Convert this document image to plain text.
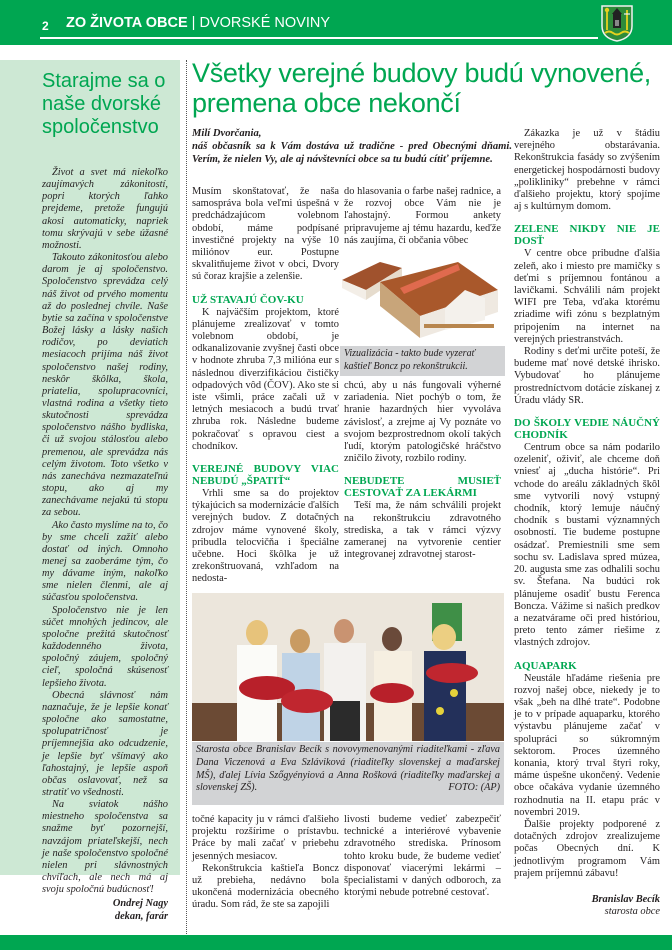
2 ZO ŽIVOTA OBCE | DVORSKÉ NOVINY
Starajme sa o naše dvorské spoločenstvo

Život a svet má niekoľko zaujímavých zákonitostí, popri ktorých ľahko prejdeme, pretože fungujú akosi automaticky, napriek tomu skrývajú v sebe úžasné možnosti.

Takouto zákonitosťou alebo darom je aj spoločenstvo. Spoločenstvo sprevádza celý náš život od prvého momentu až do poslednej chvíle. Naše bytie sa začína v spoločenstve Božej lásky a lásky našich rodičov, po deviatich mesiacoch prijíma náš život spoločenstvo našej rodiny, neskôr škôlka, škola, priatelia, spolupracovníci, vlastná rodina a všetky tieto skutočnosti sprevádza spoločenstvo nášho bydliska, či už svojou stálosťou alebo premenou, ale sprevádza nás celým životom. Toto všetko v nás zanecháva nezmazateľnú stopu, ako aj my zanechávame nejakú tú stopu za sebou.

Ako často myslíme na to, čo by sme chceli zažiť alebo dostať od iných. Omnoho menej sa zaoberáme tým, čo my dávame iným, nakoľko sme nielen členmi, ale aj súčasťou spoločenstva.

Spoločenstvo nie je len súčet mnohých jedincov, ale spoločne prežitá skutočnosť každodenného života, spoločný záujem, spoločný cieľ, spoločná skúsenosť lepšieho života.

Obecná slávnosť nám naznačuje, že je lepšie konať spoločne ako samostatne, spolupatričnosť je príjemnejšia ako odcudzenie, je lepšie byť všímavý ako ľahostajný, je lepšie aspoň občas oslavovať, než sa stratiť vo všednosti.

Na sviatok nášho miestneho spoločenstva sa snažme byť pozornejší, navzájom priateľskejší, nech je naše spoločenstvo spoločné nielen pri slávnostných chvíľach, ale nech má aj svoju spoločnú budúcnosť!

Ondrej Nagy
dekan, farár
Všetky verejné budovy budú vynovené, premena obce nekončí
Milí Dvorčania,
náš občasník sa k Vám dostáva už tradične - pred Obecnými dňami. Verím, že nielen Vy, ale aj návštevníci obce sa tu budú cítiť príjemne.

Musím skonštatovať, že naša samospráva bola veľmi úspešná v predchádzajúcom volebnom období, máme podpísané investičné projekty na výše 10 miliónov eur. Postupne skvalitňujeme život v obci, Dvory sú čoraz krajšie a zelenšie.

UŽ STAVAJÚ ČOV-KU

K najväčším projektom, ktoré plánujeme zrealizovať v tomto volebnom období, je odkanalizovanie zvyšnej časti obce v hodnote zhruba 7,3 milióna eur s následnou diverzifikáciou čističky odpadových vôd (ČOV). Ako ste si iste všimli, práce začali už v letných mesiacoch a budú trvať zhruba rok. Následne budeme pokračovať s opravou ciest a chodníkov.

VEREJNÉ BUDOVY VIAC NEBUDÚ „ŠPATIŤ“

Vrhli sme sa do projektov týkajúcich sa modernizácie ďalších verejných budov. Z dotačných zdrojov máme vynovené školy, pribudla telocvičňa i špeciálne učebne. Hoci škôlka je už zrekonštruovaná, vzhľadom na nedosta-

do hlasovania o farbe našej radnice, a že rozvoj obce Vám nie je ľahostajný. Formou ankety pripravujeme aj tému hazardu, keďže nás zaujíma, či občania vôbec

Vizualizácia - takto bude vyzerať kaštieľ Boncz po rekonštrukcii.

chcú, aby u nás fungovali výherné zariadenia. Niet pochýb o tom, že hranie hazardných hier vyvoláva závislosť, a zrejme aj Vy poznáte vo svojom bezprostrednom okolí takých ľudí, ktorým patologičské hráčstvo zničilo životy, rozbilo rodiny.

NEBUDETE MUSIEŤ CESTOVAŤ ZA LEKÁRMI

Teší ma, že nám schválili projekt na rekonštrukciu zdravotného strediska, a tak v rámci výzvy zameranej na vytvorenie centier integrovanej zdravotnej starost-

Starosta obce Branislav Becík s novovymenovanými riaditeľkami - zľava Dana Viczenová a Eva Szláviková (riaditeľky slovenskej a maďarskej MŠ), ďalej Lívia Szőgyényiová a Anna Rošková (riaditeľky maďarskej a slovenskej ZŠ).	FOTO: (AP)

točné kapacity ju v rámci ďalšieho projektu rozšírime o prístavbu. Práce by mali začať v priebehu jesenných mesiacov.

Rekonštrukcia kaštieľa Boncz už prebieha, nedávno bola ukončená modernizácia obecného úradu. Som rád, že ste sa zapojili

livosti budeme vedieť zabezpečiť technické a interiérové vybavenie zdravotného strediska. Prínosom tohto kroku bude, že budeme vedieť disponovať viacerými lekármi – špecialistami v daných odboroch, za ktorými nebude potrebné cestovať.

Zákazka je už v štádiu verejného obstarávania. Rekonštrukcia fasády so zvýšením energetickej hospodárnosti budovy „polikliniky“ prebehne v rámci ďalšieho projektu, ktorý spojíme aj s kultúrnym domom.

ZELENE NIKDY NIE JE DOSŤ

V centre obce pribudne ďalšia zeleň, ako i miesto pre mamičky s deťmi s príjemnou fontánou a lavičkami. Schválili nám projekt WIFI pre Teba, vďaka ktorému zriadime wifi zónu s bezplatným pripojením na internet na verejných priestranstvách.

Rodiny s deťmi určite poteší, že budeme mať nové detské ihrisko. Vybudovať ho plánujeme prostredníctvom dotácie získanej z Úradu vlády SR.

DO ŠKOLY VEDIE NÁUČNÝ CHODNÍK

Centrum obce sa nám podarilo ozeleniť, oživiť, ale chceme doň vniesť aj „ducha histórie“. Pri vchode do areálu základných škôl sme vytvorili nový vstupný chodník, ktorý lemuje náučný chodník s bustami významných osobností. Tie budeme postupne osádzať. Premiestnili sme sem sochu sv. Ladislava spred múzea, 20. augusta sme zas odhalili sochu sv. Štefana. Na budúci rok plánujeme osadiť bustu Ferenca Boncza. Vážime si našich predkov a nezatvárame oči pred históriou, preto tento zámer riešime z vlastných zdrojov.

AQUAPARK

Neustále hľadáme riešenia pre rozvoj našej obce, niekedy je to však „beh na dlhé trate“. Podobne je to v prípade aquaparku, ktorého výstavbu plánujeme začať v spolupráci so súkromným sektorom. Proces územného konania, ktorý trval štyri roky, máme úspešne ukončený. Vedenie obce očakáva vydanie územného rozhodnutia na II. etapu prác v novembri 2019.

Ďalšie projekty podporené z dotačných zdrojov zrealizujeme počas Obecných dní. K jednotlivým programom Vám prajem príjemnú zábavu!

Branislav Becík
starosta obce
